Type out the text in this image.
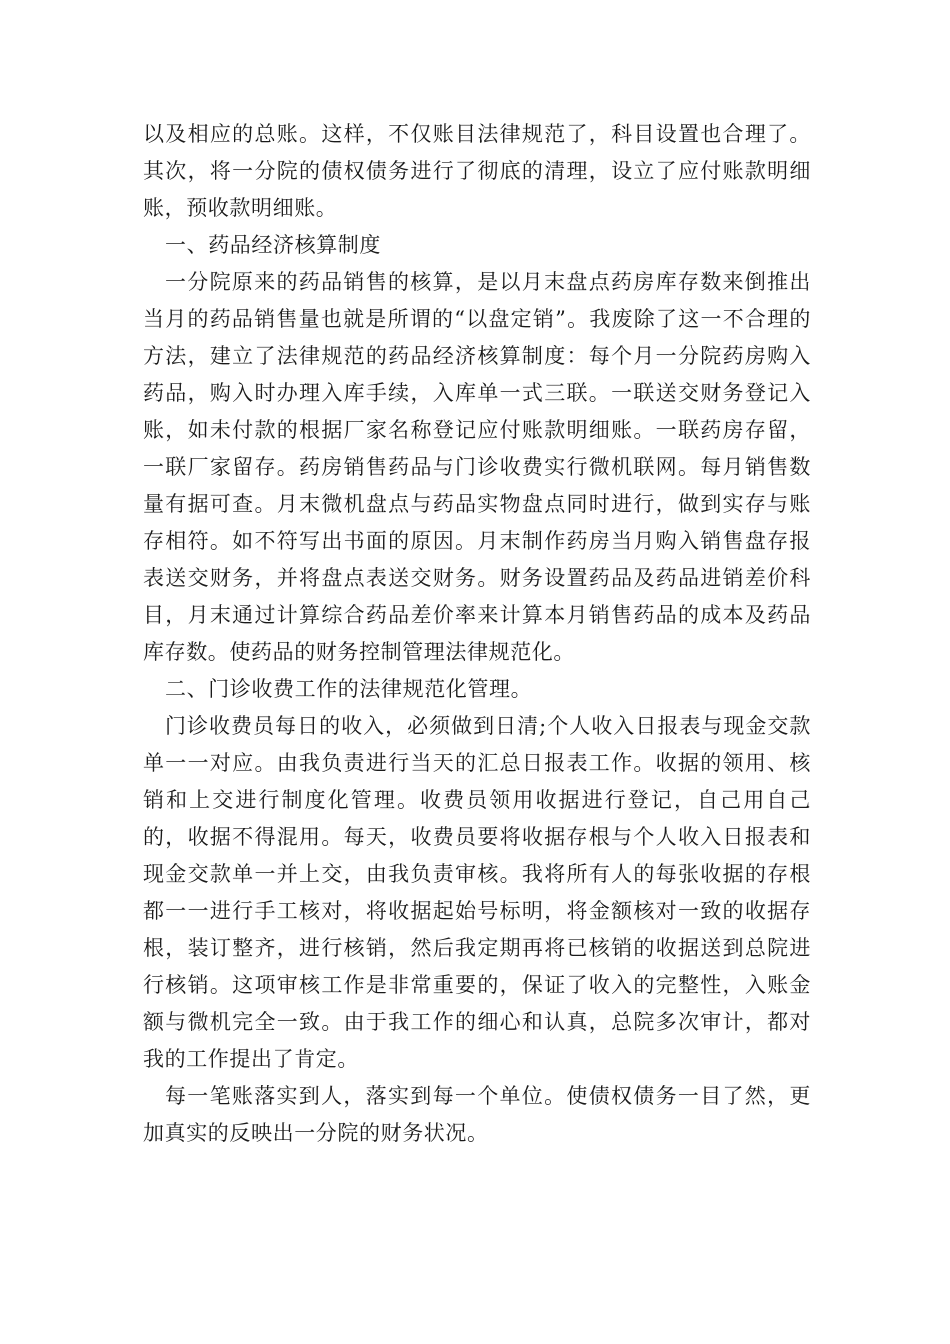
以及相应的总账。这样，不仅账目法律规范了，科目设置也合理了。其次，将一分院的债权债务进行了彻底的清理，设立了应付账款明细账，预收款明细账。

一、药品经济核算制度

一分院原来的药品销售的核算，是以月末盘点药房库存数来倒推出当月的药品销售量也就是所谓的“以盘定销”。我废除了这一不合理的方法，建立了法律规范的药品经济核算制度：每个月一分院药房购入药品，购入时办理入库手续，入库单一式三联。一联送交财务登记入账，如未付款的根据厂家名称登记应付账款明细账。一联药房存留，一联厂家留存。药房销售药品与门诊收费实行微机联网。每月销售数量有据可查。月末微机盘点与药品实物盘点同时进行，做到实存与账存相符。如不符写出书面的原因。月末制作药房当月购入销售盘存报表送交财务，并将盘点表送交财务。财务设置药品及药品进销差价科目，月末通过计算综合药品差价率来计算本月销售药品的成本及药品库存数。使药品的财务控制管理法律规范化。

二、门诊收费工作的法律规范化管理。

门诊收费员每日的收入，必须做到日清;个人收入日报表与现金交款单一一对应。由我负责进行当天的汇总日报表工作。收据的领用、核销和上交进行制度化管理。收费员领用收据进行登记，自己用自己的，收据不得混用。每天，收费员要将收据存根与个人收入日报表和现金交款单一并上交，由我负责审核。我将所有人的每张收据的存根都一一进行手工核对，将收据起始号标明，将金额核对一致的收据存根，装订整齐，进行核销，然后我定期再将已核销的收据送到总院进行核销。这项审核工作是非常重要的，保证了收入的完整性，入账金额与微机完全一致。由于我工作的细心和认真，总院多次审计，都对我的工作提出了肯定。

每一笔账落实到人，落实到每一个单位。使债权债务一目了然，更加真实的反映出一分院的财务状况。
